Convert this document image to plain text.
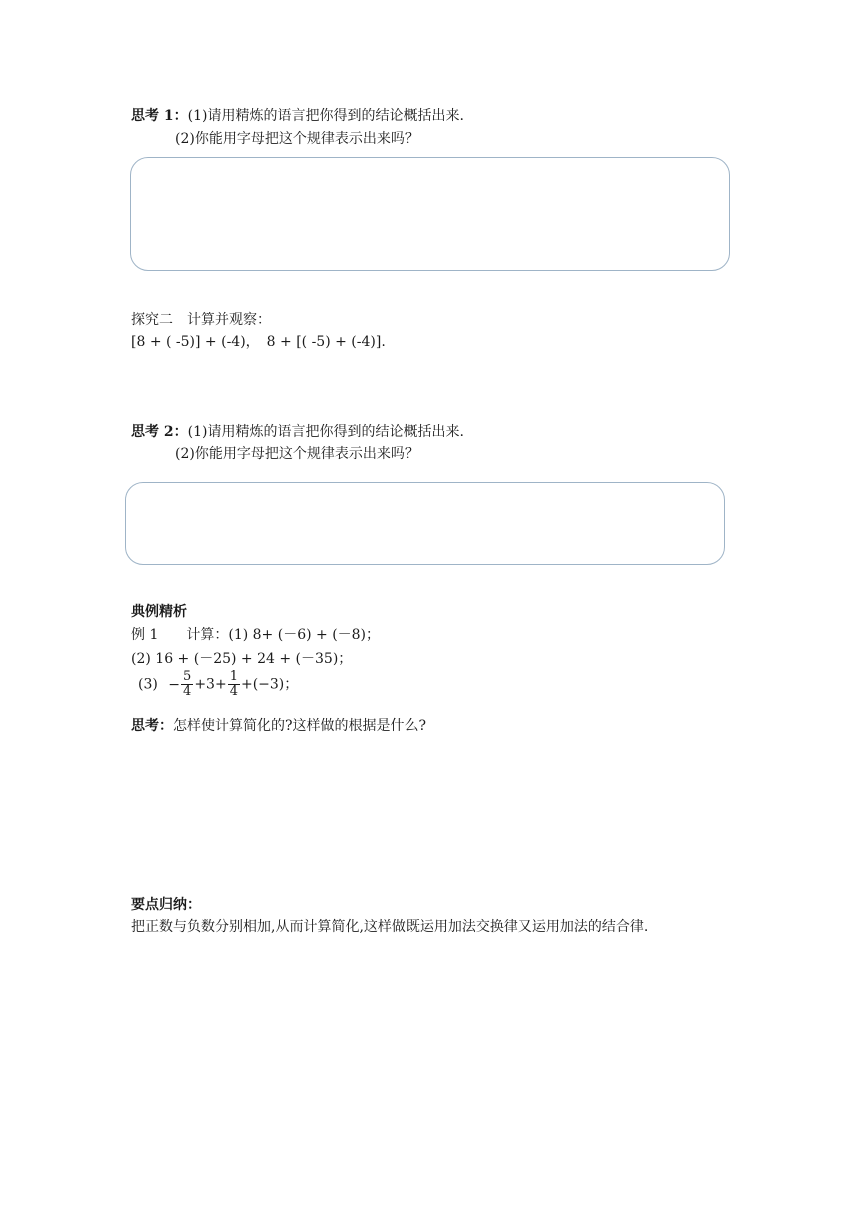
思考 1：(1)请用精炼的语言把你得到的结论概括出来.
(2)你能用字母把这个规律表示出来吗？
探究二　计算并观察：
[8 + ( -5)] + (-4)，　8 + [( -5) + (-4)].
思考 2：(1)请用精炼的语言把你得到的结论概括出来.
(2)你能用字母把这个规律表示出来吗？
典例精析
例 1　　计算：(1) 8+ (－6) + (－8)；
(2) 16 + (－25) + 24 + (－35)；
$(3) - \frac{5}{4} +3+ \frac{1}{4} +(-3)$；
思考：怎样使计算简化的?这样做的根据是什么?
要点归纳：
把正数与负数分别相加,从而计算简化,这样做既运用加法交换律又运用加法的结合律.
